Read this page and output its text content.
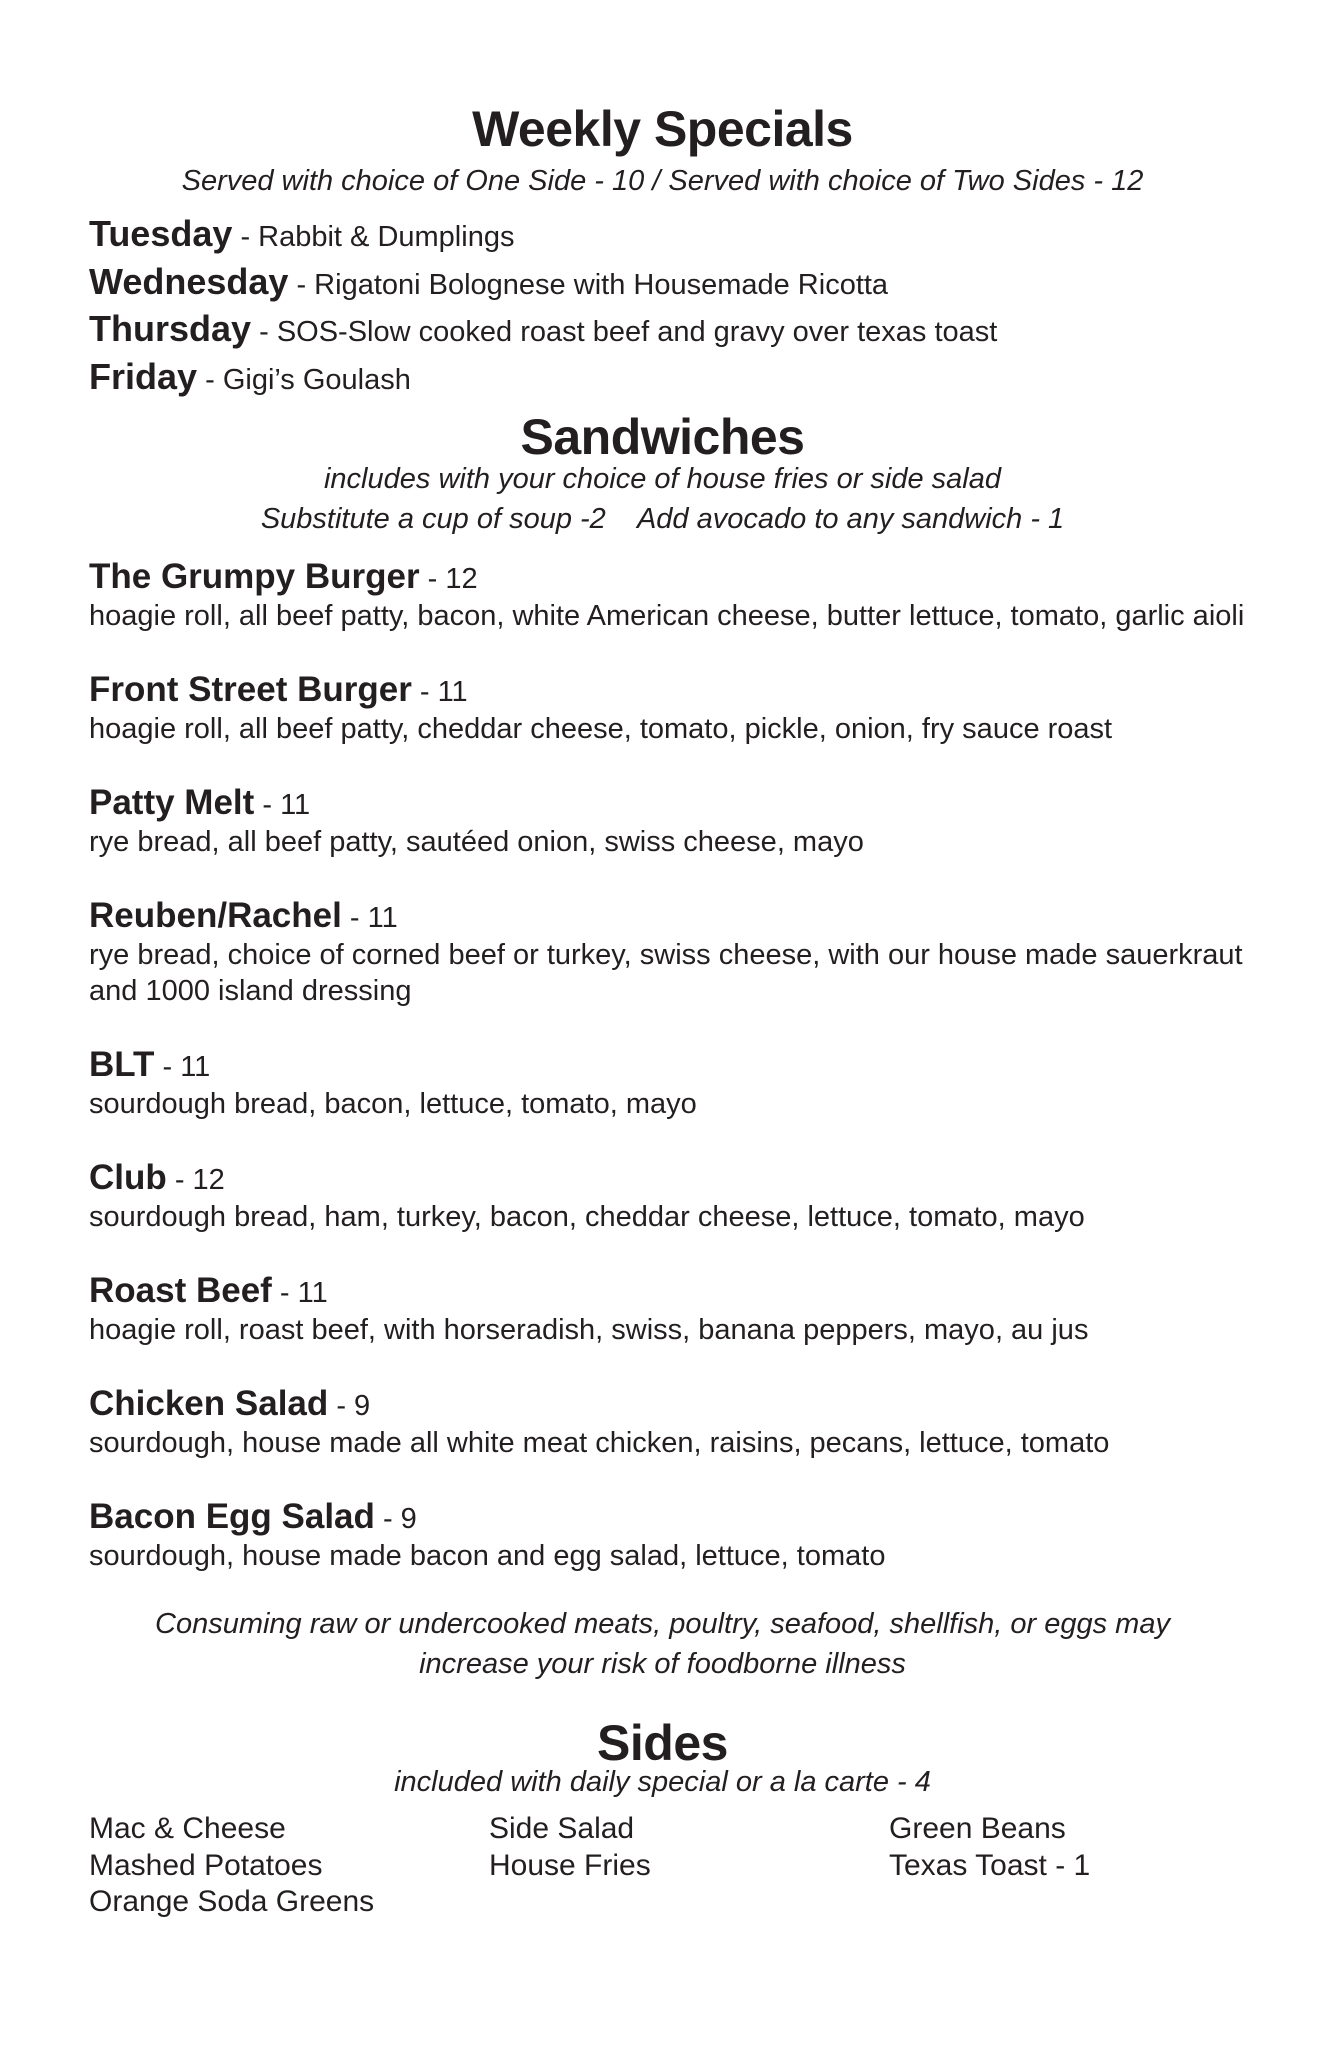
Weekly Specials
Served with choice of One Side - 10 / Served with choice of Two Sides - 12
Tuesday - Rabbit & Dumplings
Wednesday - Rigatoni Bolognese with Housemade Ricotta
Thursday - SOS-Slow cooked roast beef and gravy over texas toast
Friday - Gigi’s Goulash
Sandwiches
includes with your choice of house fries or side salad
Substitute a cup of soup -2    Add avocado to any sandwich - 1
The Grumpy Burger - 12
hoagie roll, all beef patty, bacon, white American cheese, butter lettuce, tomato, garlic aioli
Front Street Burger - 11
hoagie roll, all beef patty, cheddar cheese, tomato, pickle, onion, fry sauce roast
Patty Melt - 11
rye bread, all beef patty, sautéed onion, swiss cheese, mayo
Reuben/Rachel - 11
rye bread, choice of corned beef or turkey, swiss cheese, with our house made sauerkraut and 1000 island dressing
BLT - 11
sourdough bread, bacon, lettuce, tomato, mayo
Club - 12
sourdough bread, ham, turkey, bacon, cheddar cheese, lettuce, tomato, mayo
Roast Beef - 11
hoagie roll, roast beef, with horseradish, swiss, banana peppers, mayo, au jus
Chicken Salad - 9
sourdough, house made all white meat chicken, raisins, pecans, lettuce, tomato
Bacon Egg Salad - 9
sourdough, house made bacon and egg salad, lettuce, tomato
Consuming raw or undercooked meats, poultry, seafood, shellfish, or eggs may
increase your risk of foodborne illness
Sides
included with daily special or a la carte - 4
Mac & Cheese
Mashed Potatoes
Orange Soda Greens
Side Salad
House Fries
Green Beans
Texas Toast - 1
